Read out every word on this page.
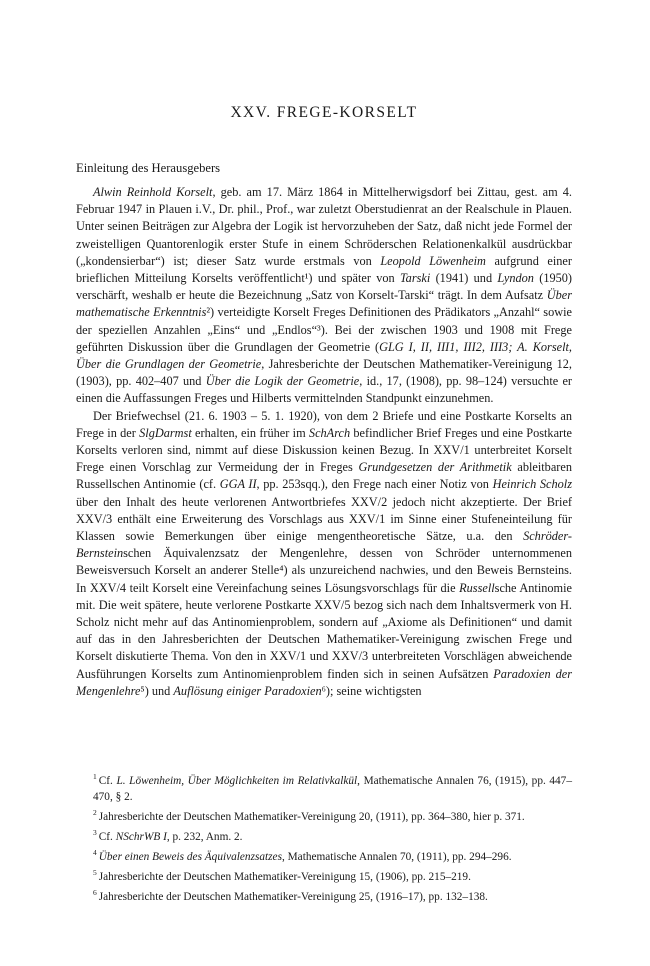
XXV. FREGE-KORSELT
Einleitung des Herausgebers

Alwin Reinhold Korselt, geb. am 17. März 1864 in Mittelherwigsdorf bei Zittau, gest. am 4. Februar 1947 in Plauen i.V., Dr. phil., Prof., war zuletzt Oberstudienrat an der Realschule in Plauen. Unter seinen Beiträgen zur Algebra der Logik ist hervorzuheben der Satz, daß nicht jede Formel der zweistelligen Quantorenlogik erster Stufe in einem Schröderschen Relationenkalkül ausdrückbar („kondensierbar“) ist; dieser Satz wurde erstmals von Leopold Löwenheim aufgrund einer brieflichen Mitteilung Korselts veröffentlicht¹) und später von Tarski (1941) und Lyndon (1950) verschärft, weshalb er heute die Bezeichnung „Satz von Korselt-Tarski“ trägt. In dem Aufsatz Über mathematische Erkenntnis²) verteidigte Korselt Freges Definitionen des Prädikators „Anzahl“ sowie der speziellen Anzahlen „Eins“ und „Endlos“³). Bei der zwischen 1903 und 1908 mit Frege geführten Diskussion über die Grundlagen der Geometrie (GLG I, II, III1, III2, III3; A. Korselt, Über die Grundlagen der Geometrie, Jahresberichte der Deutschen Mathematiker-Vereinigung 12, (1903), pp. 402–407 und Über die Logik der Geometrie, id., 17, (1908), pp. 98–124) versuchte er einen die Auffassungen Freges und Hilberts vermittelnden Standpunkt einzunehmen.

Der Briefwechsel (21. 6. 1903 – 5. 1. 1920), von dem 2 Briefe und eine Postkarte Korselts an Frege in der SlgDarmst erhalten, ein früher im SchArch befindlicher Brief Freges und eine Postkarte Korselts verloren sind, nimmt auf diese Diskussion keinen Bezug. In XXV/1 unterbreitet Korselt Frege einen Vorschlag zur Vermeidung der in Freges Grundgesetzen der Arithmetik ableitbaren Russellschen Antinomie (cf. GGA II, pp. 253sqq.), den Frege nach einer Notiz von Heinrich Scholz über den Inhalt des heute verlorenen Antwortbriefes XXV/2 jedoch nicht akzeptierte. Der Brief XXV/3 enthält eine Erweiterung des Vorschlags aus XXV/1 im Sinne einer Stufeneinteilung für Klassen sowie Bemerkungen über einige mengentheoretische Sätze, u.a. den Schröder-Bernsteinschen Äquivalenzsatz der Mengenlehre, dessen von Schröder unternommenen Beweisversuch Korselt an anderer Stelle⁴) als unzureichend nachwies, und den Beweis Bernsteins. In XXV/4 teilt Korselt eine Vereinfachung seines Lösungsvorschlags für die Russellsche Antinomie mit. Die weit spätere, heute verlorene Postkarte XXV/5 bezog sich nach dem Inhaltsvermerk von H. Scholz nicht mehr auf das Antinomienproblem, sondern auf „Axiome als Definitionen“ und damit auf das in den Jahresberichten der Deutschen Mathematiker-Vereinigung zwischen Frege und Korselt diskutierte Thema. Von den in XXV/1 und XXV/3 unterbreiteten Vorschlägen abweichende Ausführungen Korselts zum Antinomienproblem finden sich in seinen Aufsätzen Paradoxien der Mengenlehre⁵) und Auflösung einiger Paradoxien⁶); seine wichtigsten

$^1$ Cf. L. Löwenheim, Über Möglichkeiten im Relativkalkül, Mathematische Annalen 76, (1915), pp. 447–470, § 2.
$^2$ Jahresberichte der Deutschen Mathematiker-Vereinigung 20, (1911), pp. 364–380, hier p. 371.
$^3$ Cf. NSchrWB I, p. 232, Anm. 2.
$^4$ Über einen Beweis des Äquivalenzsatzes, Mathematische Annalen 70, (1911), pp. 294–296.
$^5$ Jahresberichte der Deutschen Mathematiker-Vereinigung 15, (1906), pp. 215–219.
$^6$ Jahresberichte der Deutschen Mathematiker-Vereinigung 25, (1916–17), pp. 132–138.
